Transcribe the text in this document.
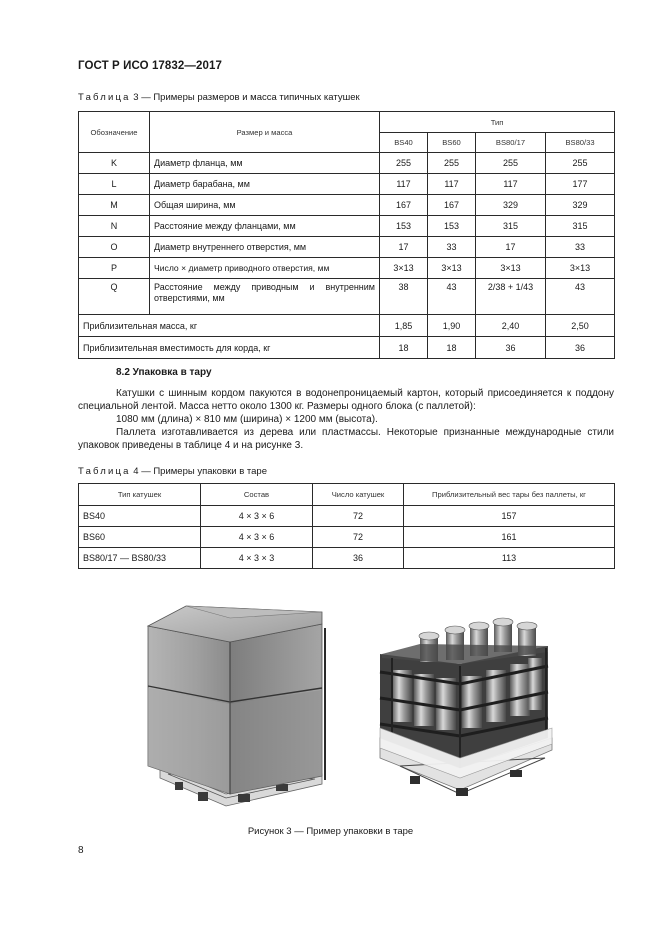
ГОСТ Р ИСО 17832—2017
Таблица 3 — Примеры размеров и масса типичных катушек
Обозначение	Размер и масса	Тип			
		BS40	BS60	BS80/17	BS80/33
K	Диаметр фланца, мм	255	255	255	255
L	Диаметр барабана, мм	117	117	117	177
M	Общая ширина, мм	167	167	329	329
N	Расстояние между фланцами, мм	153	153	315	315
O	Диаметр внутреннего отверстия, мм	17	33	17	33
P	Число × диаметр приводного отверстия, мм	3×13	3×13	3×13	3×13
Q	Расстояние между приводным и внутренним отверстиями, мм	38	43	2/38 + 1/43	43
Приблизительная масса, кг		1,85	1,90	2,40	2,50
Приблизительная вместимость для корда, кг		18	18	36	36
8.2 Упаковка в тару

Катушки с шинным кордом пакуются в водонепроницаемый картон, который присоединяется к поддону специальной лентой. Масса нетто около 1300 кг. Размеры одного блока (с паллетой):

1080 мм (длина) × 810 мм (ширина) × 1200 мм (высота).

Паллета изготавливается из дерева или пластмассы. Некоторые признанные международные стили упаковок приведены в таблице 4 и на рисунке 3.

Таблица 4 — Примеры упаковки в таре
Тип катушек	Состав	Число катушек	Приблизительный вес тары без паллеты, кг
BS40	4 × 3 × 6	72	157
BS60	4 × 3 × 6	72	161
BS80/17 — BS80/33	4 × 3 × 3	36	113
Рисунок 3 — Пример упаковки в таре
8
